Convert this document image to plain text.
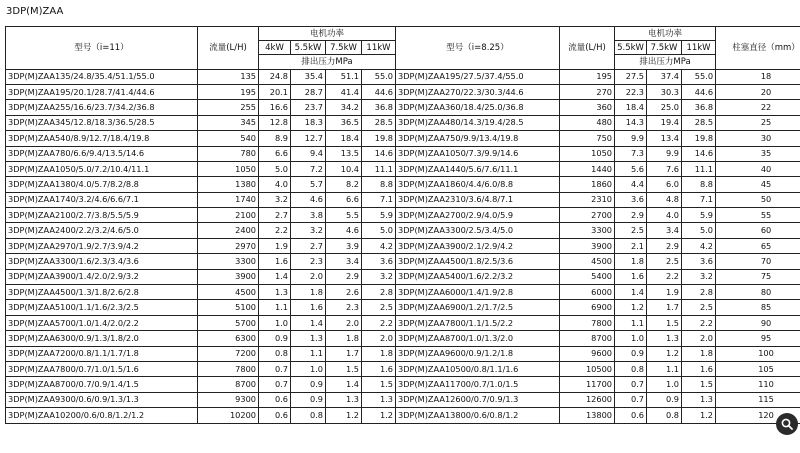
3DP(M)ZAA
型号（i=11）	流量(L/H)	电机功率				型号（i=8.25）	流量(L/H)	电机功率			柱塞直径（mm）
		4kW	5.5kW	7.5kW	11kW			5.5kW	7.5kW	11kW	
		排出压力MPa						排出压力MPa			
3DP(M)ZAA135/24.8/35.4/51.1/55.0	135	24.8	35.4	51.1	55.0	3DP(M)ZAA195/27.5/37.4/55.0	195	27.5	37.4	55.0	18
3DP(M)ZAA195/20.1/28.7/41.4/44.6	195	20.1	28.7	41.4	44.6	3DP(M)ZAA270/22.3/30.3/44.6	270	22.3	30.3	44.6	20
3DP(M)ZAA255/16.6/23.7/34.2/36.8	255	16.6	23.7	34.2	36.8	3DP(M)ZAA360/18.4/25.0/36.8	360	18.4	25.0	36.8	22
3DP(M)ZAA345/12.8/18.3/36.5/28.5	345	12.8	18.3	36.5	28.5	3DP(M)ZAA480/14.3/19.4/28.5	480	14.3	19.4	28.5	25
3DP(M)ZAA540/8.9/12.7/18.4/19.8	540	8.9	12.7	18.4	19.8	3DP(M)ZAA750/9.9/13.4/19.8	750	9.9	13.4	19.8	30
3DP(M)ZAA780/6.6/9.4/13.5/14.6	780	6.6	9.4	13.5	14.6	3DP(M)ZAA1050/7.3/9.9/14.6	1050	7.3	9.9	14.6	35
3DP(M)ZAA1050/5.0/7.2/10.4/11.1	1050	5.0	7.2	10.4	11.1	3DP(M)ZAA1440/5.6/7.6/11.1	1440	5.6	7.6	11.1	40
3DP(M)ZAA1380/4.0/5.7/8.2/8.8	1380	4.0	5.7	8.2	8.8	3DP(M)ZAA1860/4.4/6.0/8.8	1860	4.4	6.0	8.8	45
3DP(M)ZAA1740/3.2/4.6/6.6/7.1	1740	3.2	4.6	6.6	7.1	3DP(M)ZAA2310/3.6/4.8/7.1	2310	3.6	4.8	7.1	50
3DP(M)ZAA2100/2.7/3.8/5.5/5.9	2100	2.7	3.8	5.5	5.9	3DP(M)ZAA2700/2.9/4.0/5.9	2700	2.9	4.0	5.9	55
3DP(M)ZAA2400/2.2/3.2/4.6/5.0	2400	2.2	3.2	4.6	5.0	3DP(M)ZAA3300/2.5/3.4/5.0	3300	2.5	3.4	5.0	60
3DP(M)ZAA2970/1.9/2.7/3.9/4.2	2970	1.9	2.7	3.9	4.2	3DP(M)ZAA3900/2.1/2.9/4.2	3900	2.1	2.9	4.2	65
3DP(M)ZAA3300/1.6/2.3/3.4/3.6	3300	1.6	2.3	3.4	3.6	3DP(M)ZAA4500/1.8/2.5/3.6	4500	1.8	2.5	3.6	70
3DP(M)ZAA3900/1.4/2.0/2.9/3.2	3900	1.4	2.0	2.9	3.2	3DP(M)ZAA5400/1.6/2.2/3.2	5400	1.6	2.2	3.2	75
3DP(M)ZAA4500/1.3/1.8/2.6/2.8	4500	1.3	1.8	2.6	2.8	3DP(M)ZAA6000/1.4/1.9/2.8	6000	1.4	1.9	2.8	80
3DP(M)ZAA5100/1.1/1.6/2.3/2.5	5100	1.1	1.6	2.3	2.5	3DP(M)ZAA6900/1.2/1.7/2.5	6900	1.2	1.7	2.5	85
3DP(M)ZAA5700/1.0/1.4/2.0/2.2	5700	1.0	1.4	2.0	2.2	3DP(M)ZAA7800/1.1/1.5/2.2	7800	1.1	1.5	2.2	90
3DP(M)ZAA6300/0.9/1.3/1.8/2.0	6300	0.9	1.3	1.8	2.0	3DP(M)ZAA8700/1.0/1.3/2.0	8700	1.0	1.3	2.0	95
3DP(M)ZAA7200/0.8/1.1/1.7/1.8	7200	0.8	1.1	1.7	1.8	3DP(M)ZAA9600/0.9/1.2/1.8	9600	0.9	1.2	1.8	100
3DP(M)ZAA7800/0.7/1.0/1.5/1.6	7800	0.7	1.0	1.5	1.6	3DP(M)ZAA10500/0.8/1.1/1.6	10500	0.8	1.1	1.6	105
3DP(M)ZAA8700/0.7/0.9/1.4/1.5	8700	0.7	0.9	1.4	1.5	3DP(M)ZAA11700/0.7/1.0/1.5	11700	0.7	1.0	1.5	110
3DP(M)ZAA9300/0.6/0.9/1.3/1.3	9300	0.6	0.9	1.3	1.3	3DP(M)ZAA12600/0.7/0.9/1.3	12600	0.7	0.9	1.3	115
3DP(M)ZAA10200/0.6/0.8/1.2/1.2	10200	0.6	0.8	1.2	1.2	3DP(M)ZAA13800/0.6/0.8/1.2	13800	0.6	0.8	1.2	120
